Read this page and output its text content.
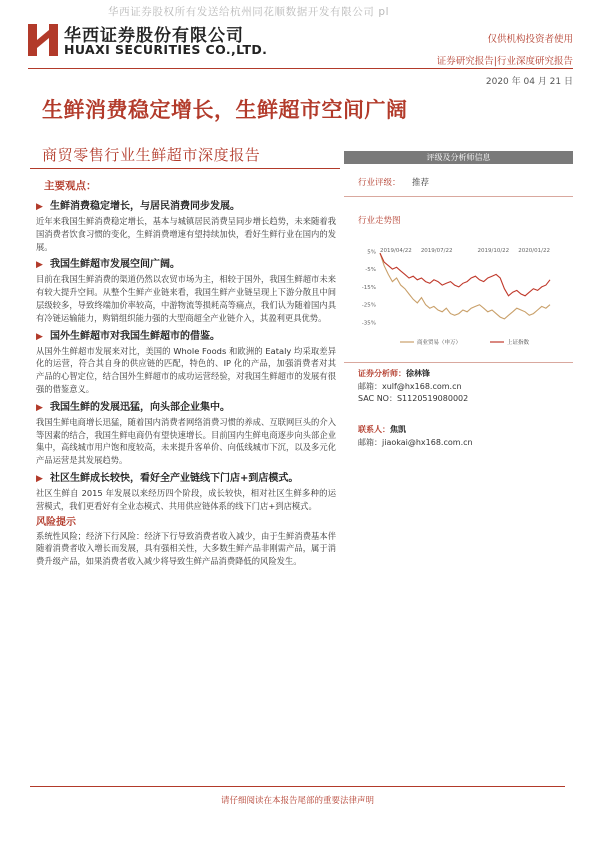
华西证券股权所有发送给杭州同花顺数据开发有限公司 pl
华西证券股份有限公司
HUAXI SECURITIES CO.,LTD.
仅供机构投资者使用
证券研究报告|行业深度研究报告
2020 年 04 月 21 日
生鲜消费稳定增长，生鲜超市空间广阔
商贸零售行业生鲜超市深度报告
主要观点：
▶ 生鲜消费稳定增长，与居民消费同步发展。
近年来我国生鲜消费稳定增长，基本与城镇居民消费呈同步增长趋势，未来随着我国消费者饮食习惯的变化，生鲜消费增速有望持续加快，看好生鲜行业在国内的发展。
▶ 我国生鲜超市发展空间广阔。
目前在我国生鲜消费的渠道仍然以农贸市场为主，相较于国外，我国生鲜超市未来有较大提升空间。从整个生鲜产业链来看，我国生鲜产业链呈现上下游分散且中间层级较多，导致终端加价率较高，中游物流等损耗高等痛点，我们认为随着国内具有冷链运输能力，购销组织能力强的大型商超全产业链介入，其盈利更具优势。
▶ 国外生鲜超市对我国生鲜超市的借鉴。
从国外生鲜超市发展来对比，美国的 Whole Foods 和欧洲的 Eataly 均采取差异化的运营，符合其自身的供应链的匹配，特色的、IP 化的产品，加强消费者对其产品的心智定位，结合国外生鲜超市的成功运营经验，对我国生鲜超市的发展有很强的借鉴意义。
▶ 我国生鲜的发展迅猛，向头部企业集中。
我国生鲜电商增长迅猛，随着国内消费者网络消费习惯的养成、互联网巨头的介入等因素的结合，我国生鲜电商仍有望快速增长。目前国内生鲜电商逐步向头部企业集中，高线城市用户饱和度较高，未来提升客单价、向低线城市下沉，以及多元化产品运营是其发展趋势。
▶ 社区生鲜成长较快，看好全产业链线下门店+到店模式。
社区生鲜自 2015 年发展以来经历四个阶段，成长较快，相对社区生鲜多种的运营模式，我们更看好有全业态模式、共用供应链体系的线下门店+到店模式。
风险提示
系统性风险；经济下行风险：经济下行导致消费者收入减少，由于生鲜消费基本伴随着消费者收入增长而发展，具有强相关性，大多数生鲜产品非刚需产品，属于消费升级产品，如果消费者收入减少将导致生鲜产品消费降低的风险发生。
评级及分析师信息
行业评级： 推荐
行业走势图
5%
-5%
-15%
-25%
-35%
2019/04/22 2019/07/22	2019/10/22 2020/01/22
商业贸易（申万）	上证指数
证券分析师：徐林锋
邮箱：xulf@hx168.com.cn
SAC NO：S1120519080002
联系人：焦凯
邮箱：jiaokai@hx168.com.cn
请仔细阅读在本报告尾部的重要法律声明
